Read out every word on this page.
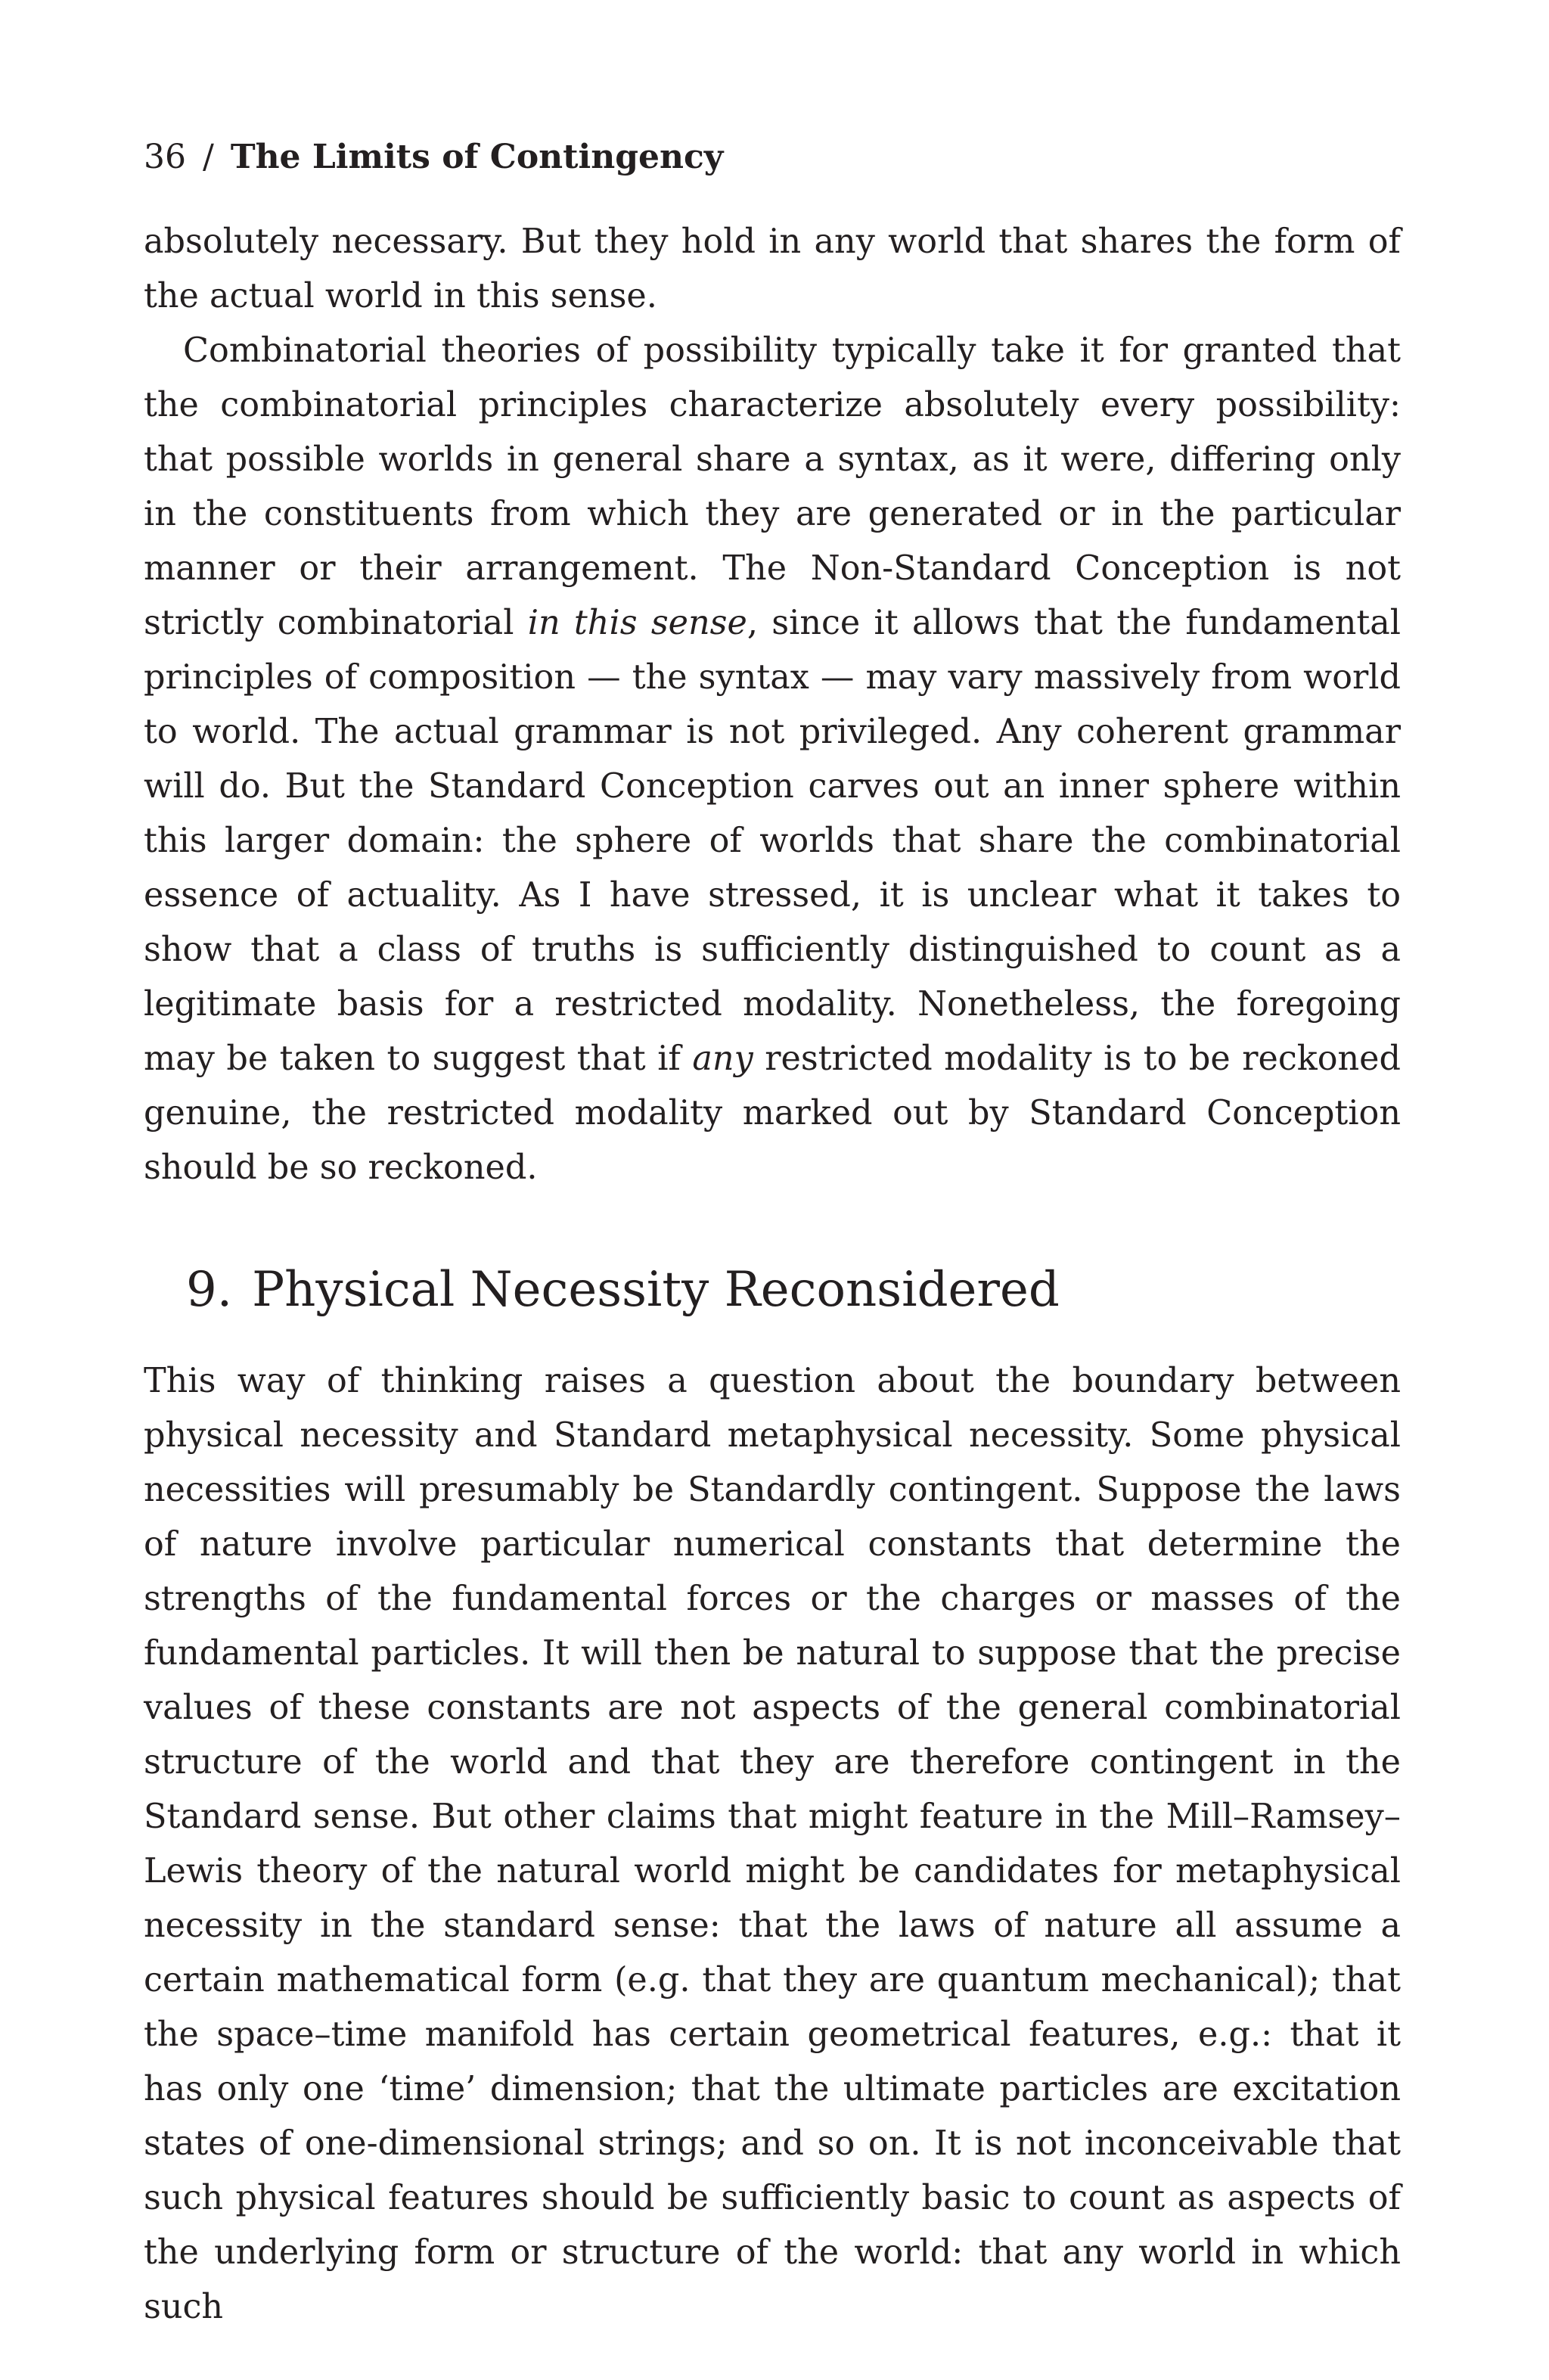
36 / The Limits of Contingency

absolutely necessary. But they hold in any world that shares the form of the actual world in this sense.

Combinatorial theories of possibility typically take it for granted that the combinatorial principles characterize absolutely every possibility: that possible worlds in general share a syntax, as it were, differing only in the constituents from which they are generated or in the particular manner or their arrangement. The Non-Standard Conception is not strictly combinatorial in this sense, since it allows that the fundamental principles of composition — the syntax — may vary massively from world to world. The actual grammar is not privileged. Any coherent grammar will do. But the Standard Conception carves out an inner sphere within this larger domain: the sphere of worlds that share the combinatorial essence of actuality. As I have stressed, it is unclear what it takes to show that a class of truths is sufficiently distinguished to count as a legitimate basis for a restricted modality. Nonetheless, the foregoing may be taken to suggest that if any restricted modality is to be reckoned genuine, the restricted modality marked out by Standard Conception should be so reckoned.

9. Physical Necessity Reconsidered

This way of thinking raises a question about the boundary between physical necessity and Standard metaphysical necessity. Some physical necessities will presumably be Standardly contingent. Suppose the laws of nature involve particular numerical constants that determine the strengths of the fundamental forces or the charges or masses of the fundamental particles. It will then be natural to suppose that the precise values of these constants are not aspects of the general combinatorial structure of the world and that they are therefore contingent in the Standard sense. But other claims that might feature in the Mill–Ramsey–Lewis theory of the natural world might be candidates for metaphysical necessity in the standard sense: that the laws of nature all assume a certain mathematical form (e.g. that they are quantum mechanical); that the space–time manifold has certain geometrical features, e.g.: that it has only one ‘time’ dimension; that the ultimate particles are excitation states of one-dimensional strings; and so on. It is not inconceivable that such physical features should be sufficiently basic to count as aspects of the underlying form or structure of the world: that any world in which such
